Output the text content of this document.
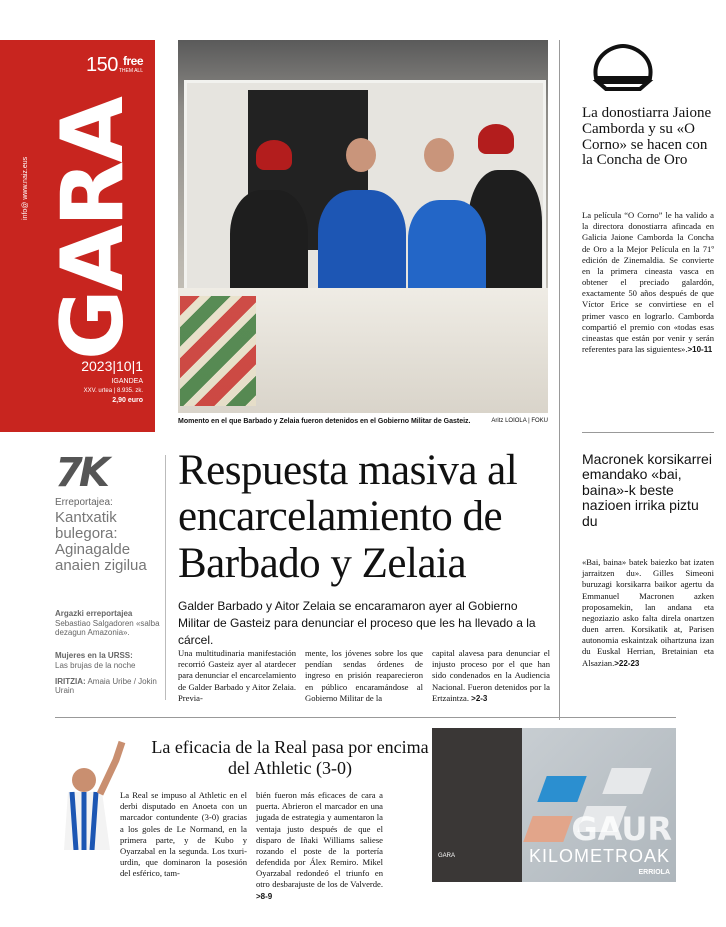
150 $^{free}$
THEM ALL
info@ www.naiz.eus GARA
2023|10|1
IGANDEA
XXV. urtea | 8.935. zk.
2,90 euro
Momento en el que Barbado y Zelaia fueron detenidos en el Gobierno Militar de Gasteiz.	Aritz LOIOLA | FOKU
La donostiarra Jaione Camborda y su «O Corno» se hacen con la Concha de Oro
La película “O Corno” le ha valido a la directora donostiarra afincada en Galicia Jaione Camborda la Concha de Oro a la Mejor Película en la 71º edición de Zinemaldia. Se convierte en la primera cineasta vasca en obtener el preciado galardón, exactamente 50 años después de que Víctor Erice se convirtiese en el primer vasco en lograrlo. Camborda compartió el premio con «todas esas cineastas que están por venir y serán referentes para las siguientes».>10-11
Macronek korsikarrei emandako «bai, baina»-k beste nazioen irrika piztu du
«Bai, baina» batek baiezko bat izaten jarraitzen du». Gilles Simeoni buruzagi korsikarra baikor agertu da Emmanuel Macronen azken proposamekin, lan andana eta negoziazio asko falta direla onartzen duen arren. Korsikatik at, Parisen autonomia eskaintzak oihartzuna izan du Euskal Herrian, Bretainian eta Alsazian.>22-23
7K
Erreportajea:
Kantxatik bulegora: Aginagalde anaien zigilua
Argazki erreportajea
Sebastiao Salgadoren «salba dezagun Amazonia».
Mujeres en la URSS:
Las brujas de la noche
IRITZIA: Amaia Uribe / Jokin Urain
Respuesta masiva al encarcelamiento de Barbado y Zelaia
Galder Barbado y Aitor Zelaia se encaramaron ayer al Gobierno Militar de Gasteiz para denunciar el proceso que les ha llevado a la cárcel.
Una multitudinaria manifestación recorrió Gasteiz ayer al atardecer para denunciar el encarcelamiento de Galder Barbado y Aitor Zelaia. Previa-
mente, los jóvenes sobre los que pendían sendas órdenes de ingreso en prisión reaparecieron en público encaramándose al Gobierno Militar de la
capital alavesa para denunciar el injusto proceso por el que han sido condenados en la Audiencia Nacional. Fueron detenidos por la Ertzaintza. >2-3
La eficacia de la Real pasa por encima del Athletic (3-0)
La Real se impuso al Athletic en el derbi disputado en Anoeta con un marcador contundente (3-0) gracias a los goles de Le Normand, en la primera parte, y de Kubo y Oyarzabal en la segunda. Los txuri-urdin, que dominaron la posesión del esférico, tam-
bién fueron más eficaces de cara a puerta. Abrieron el marcador en una jugada de estrategia y aumentaron la ventaja justo después de que el disparo de Iñaki Williams saliese rozando el poste de la portería defendida por Álex Remiro. Mikel Oyarzabal redondeó el triunfo en otro desbarajuste de los de Valverde. >8-9
GAUR
GARA	KILOMETROAK
ERRIOLA
